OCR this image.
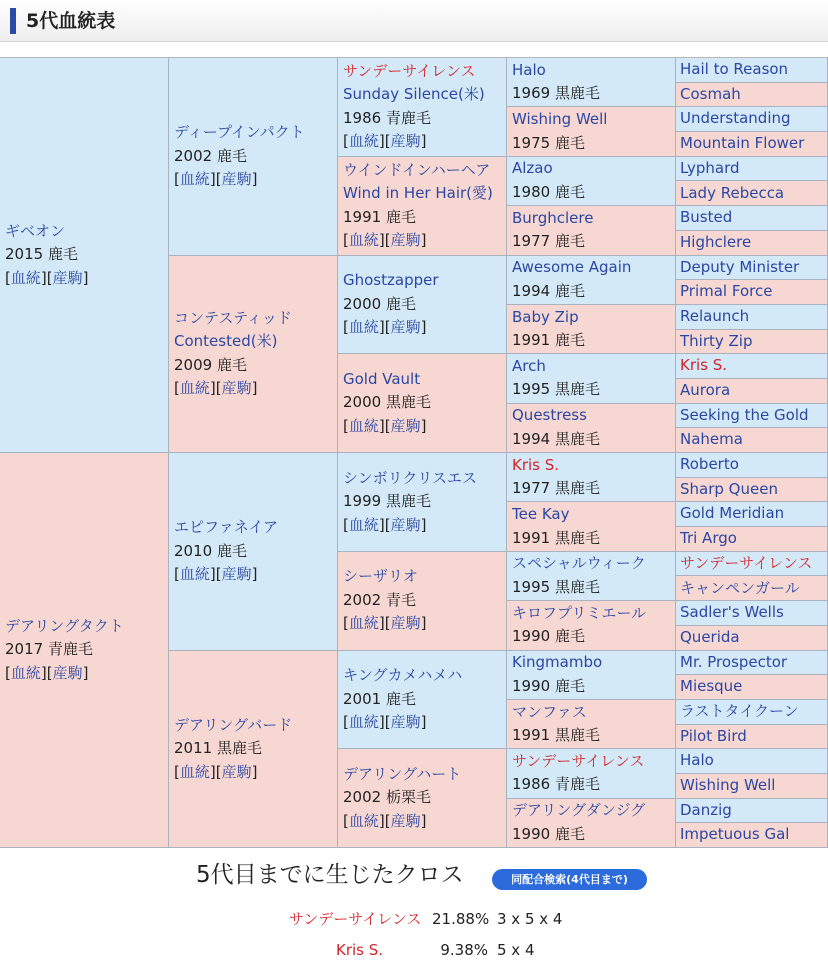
5代血統表
ギベオン
2015 鹿毛
[血統][産駒]
デアリングタクト
2017 青鹿毛
[血統][産駒]
ディープインパクト
2002 鹿毛
[血統][産駒]
コンテスティッド
Contested(米)
2009 鹿毛
[血統][産駒]
エピファネイア
2010 鹿毛
[血統][産駒]
デアリングバード
2011 黒鹿毛
[血統][産駒]
サンデーサイレンス
Sunday Silence(米)
1986 青鹿毛
[血統][産駒]
ウインドインハーヘア
Wind in Her Hair(愛)
1991 鹿毛
[血統][産駒]
Ghostzapper
2000 鹿毛
[血統][産駒]
Gold Vault
2000 黒鹿毛
[血統][産駒]
シンボリクリスエス
1999 黒鹿毛
[血統][産駒]
シーザリオ
2002 青毛
[血統][産駒]
キングカメハメハ
2001 鹿毛
[血統][産駒]
デアリングハート
2002 栃栗毛
[血統][産駒]
Halo
1969 黒鹿毛
Wishing Well
1975 鹿毛
Alzao
1980 鹿毛
Burghclere
1977 鹿毛
Awesome Again
1994 鹿毛
Baby Zip
1991 鹿毛
Arch
1995 黒鹿毛
Questress
1994 黒鹿毛
Kris S.
1977 黒鹿毛
Tee Kay
1991 黒鹿毛
スペシャルウィーク
1995 黒鹿毛
キロフプリミエール
1990 鹿毛
Kingmambo
1990 鹿毛
マンファス
1991 黒鹿毛
サンデーサイレンス
1986 青鹿毛
デアリングダンジグ
1990 鹿毛
Hail to Reason
Cosmah
Understanding
Mountain Flower
Lyphard
Lady Rebecca
Busted
Highclere
Deputy Minister
Primal Force
Relaunch
Thirty Zip
Kris S.
Aurora
Seeking the Gold
Nahema
Roberto
Sharp Queen
Gold Meridian
Tri Argo
サンデーサイレンス
キャンペンガール
Sadler's Wells
Querida
Mr. Prospector
Miesque
ラストタイクーン
Pilot Bird
Halo
Wishing Well
Danzig
Impetuous Gal
5代目までに生じたクロス	同配合検索(4代目まで)
サンデーサイレンス 21.88% 3 x 5 x 4
Kris S.	9.38% 5 x 4
